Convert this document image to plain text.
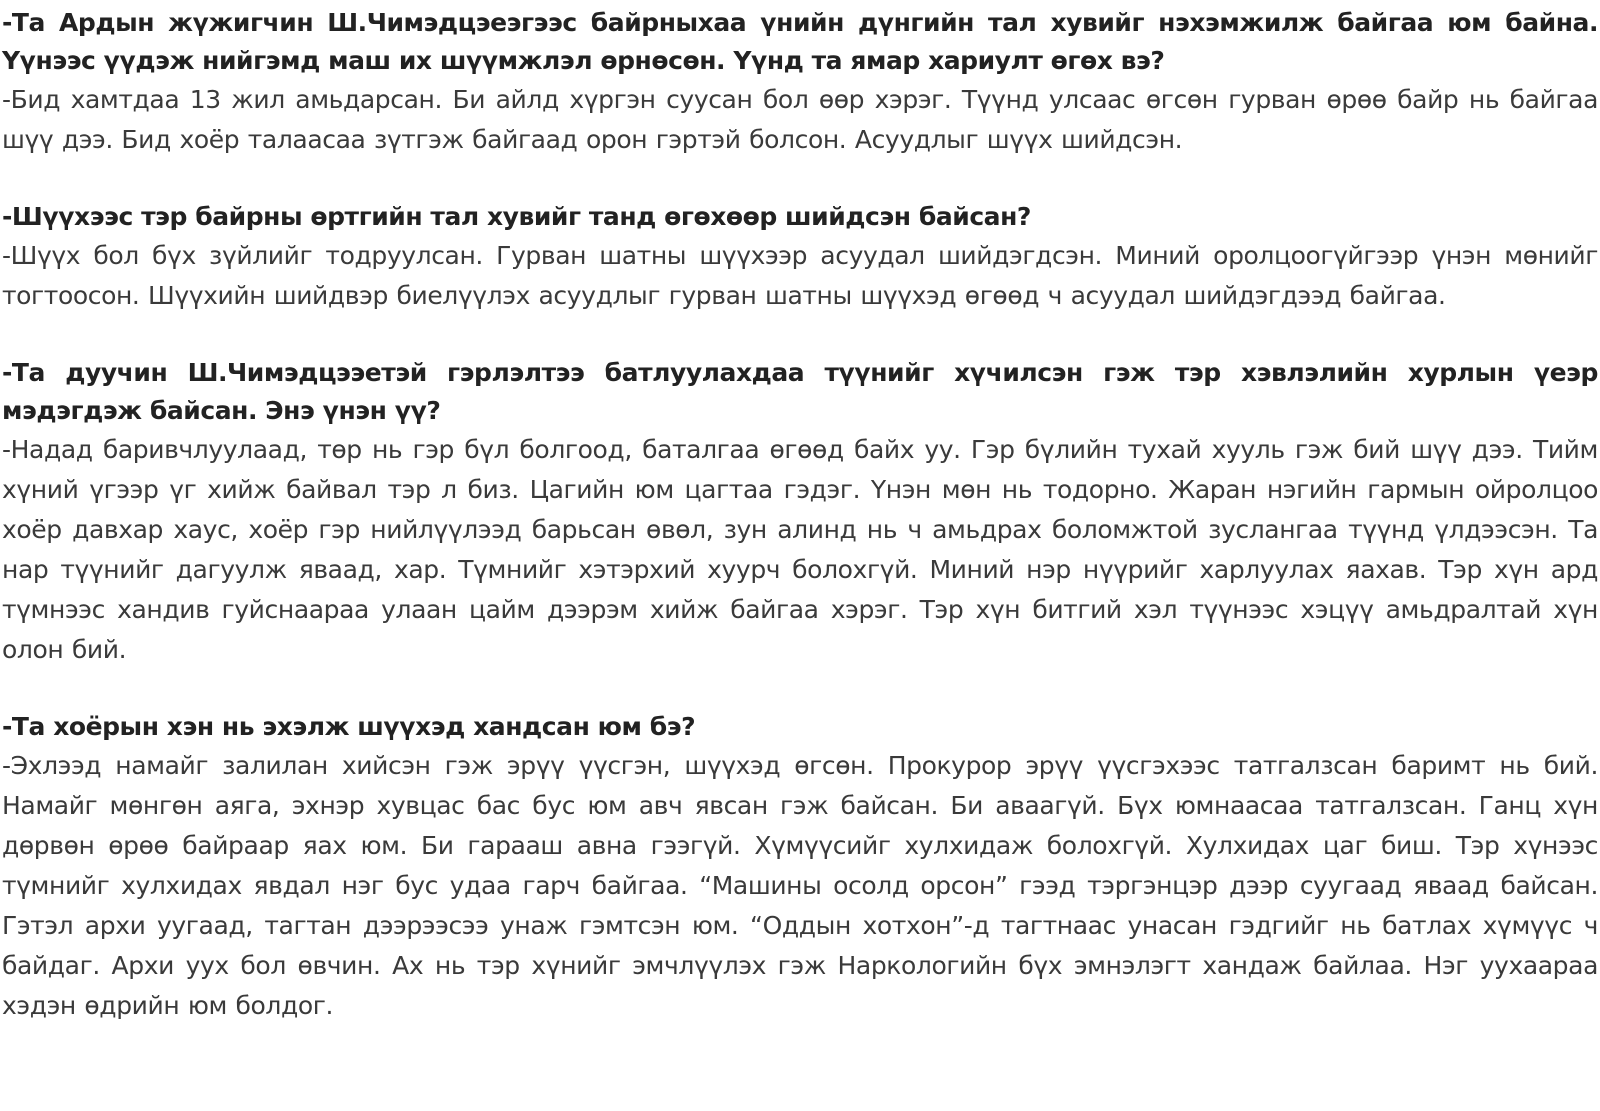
-Та Ардын жүжигчин Ш.Чимэдцэеэгээс байрныхаа үнийн дүнгийн тал хувийг нэхэмжилж байгаа юм байна. Үүнээс үүдэж нийгэмд маш их шүүмжлэл өрнөсөн. Үүнд та ямар хариулт өгөх вэ?

-Бид хамтдаа 13 жил амьдарсан. Би айлд хүргэн суусан бол өөр хэрэг. Түүнд улсаас өгсөн гурван өрөө байр нь байгаа шүү дээ. Бид хоёр талаасаа зүтгэж байгаад орон гэртэй болсон. Асуудлыг шүүх шийдсэн.

-Шүүхээс тэр байрны өртгийн тал хувийг танд өгөхөөр шийдсэн байсан?

-Шүүх бол бүх зүйлийг тодруулсан. Гурван шатны шүүхээр асуудал шийдэгдсэн. Миний оролцоогүйгээр үнэн мөнийг тогтоосон. Шүүхийн шийдвэр биелүүлэх асуудлыг гурван шатны шүүхэд өгөөд ч асуудал шийдэгдээд байгаа.

-Та дуучин Ш.Чимэдцээетэй гэрлэлтээ батлуулахдаа түүнийг хүчилсэн гэж тэр хэвлэлийн хурлын үеэр мэдэгдэж байсан. Энэ үнэн үү?

-Надад баривчлуулаад, төр нь гэр бүл болгоод, баталгаа өгөөд байх уу. Гэр бүлийн тухай хууль гэж бий шүү дээ. Тийм хүний үгээр үг хийж байвал тэр л биз. Цагийн юм цагтаа гэдэг. Үнэн мөн нь тодорно. Жаран нэгийн гармын ойролцоо хоёр давхар хаус, хоёр гэр нийлүүлээд барьсан өвөл, зун алинд нь ч амьдрах боломжтой зуслангаа түүнд үлдээсэн. Та нар түүнийг дагуулж яваад, хар. Түмнийг хэтэрхий хуурч болохгүй. Миний нэр нүүрийг харлуулах яахав. Тэр хүн ард түмнээс хандив гуйснаараа улаан цайм дээрэм хийж байгаа хэрэг. Тэр хүн битгий хэл түүнээс хэцүү амьдралтай хүн олон бий.

-Та хоёрын хэн нь эхэлж шүүхэд хандсан юм бэ?

-Эхлээд намайг залилан хийсэн гэж эрүү үүсгэн, шүүхэд өгсөн. Прокурор эрүү үүсгэхээс татгалзсан баримт нь бий. Намайг мөнгөн аяга, эхнэр хувцас бас бус юм авч явсан гэж байсан. Би аваагүй. Бүх юмнаасаа татгалзсан. Ганц хүн дөрвөн өрөө байраар яах юм. Би гарааш авна гээгүй. Хүмүүсийг хулхидаж болохгүй. Хулхидах цаг биш. Тэр хүнээс түмнийг хулхидах явдал нэг бус удаа гарч байгаа. “Машины осолд орсон” гээд тэргэнцэр дээр суугаад яваад байсан. Гэтэл архи уугаад, тагтан дээрээсээ унаж гэмтсэн юм. “Оддын хотхон”-д тагтнаас унасан гэдгийг нь батлах хүмүүс ч байдаг. Архи уух бол өвчин. Ах нь тэр хүнийг эмчлүүлэх гэж Наркологийн бүх эмнэлэгт хандаж байлаа. Нэг уухаараа хэдэн өдрийн юм болдог.
